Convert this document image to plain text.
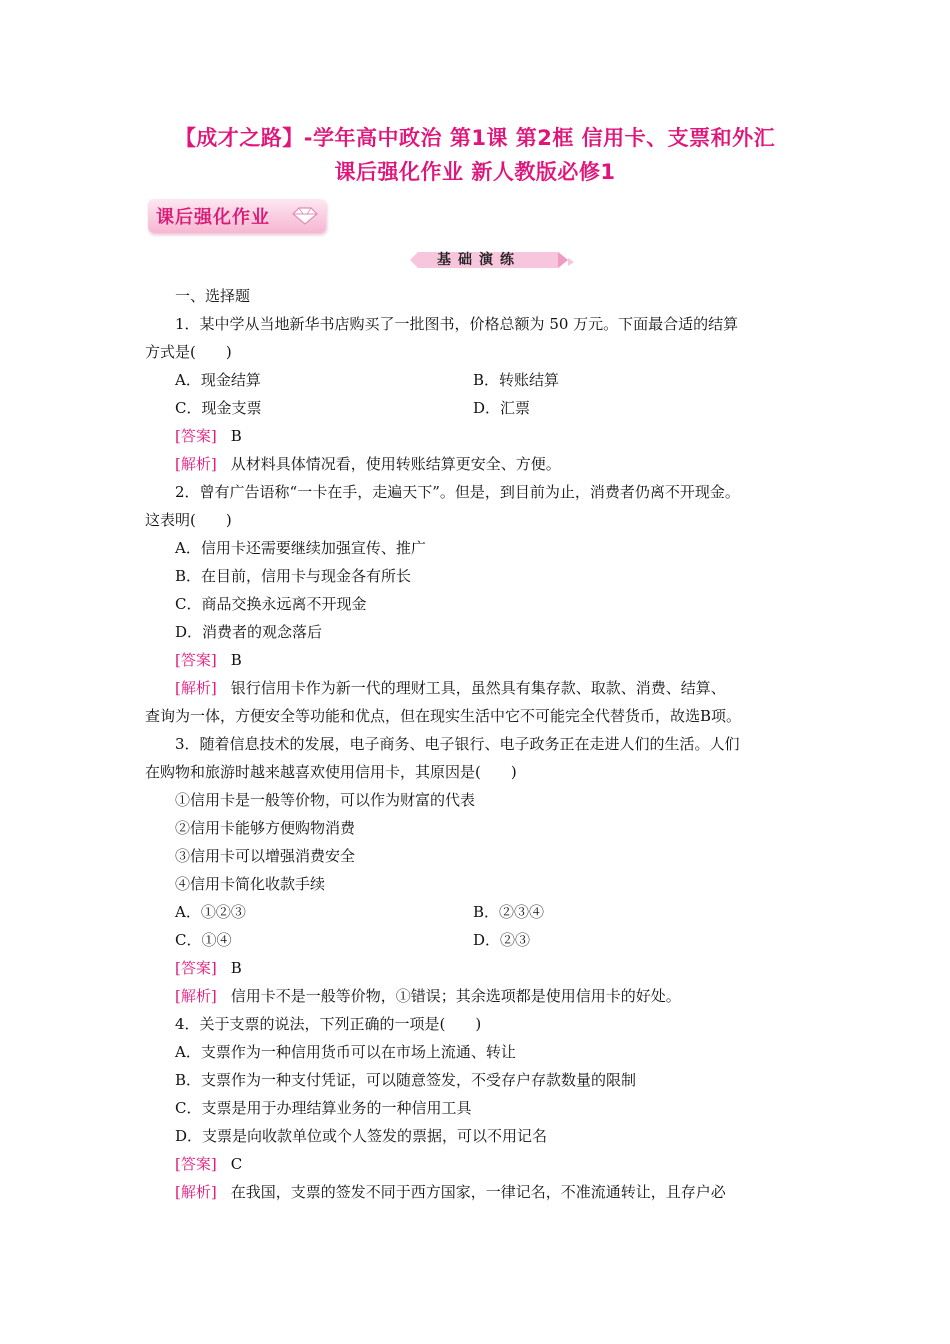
【成才之路】-学年高中政治 第1课 第2框 信用卡、支票和外汇
课后强化作业 新人教版必修1
课后强化作业
基础演练
一、选择题
1．某中学从当地新华书店购买了一批图书，价格总额为 50 万元。下面最合适的结算
方式是(　　)
A．现金结算	B．转账结算
C．现金支票	D．汇票
[答案] B
[解析] 从材料具体情况看，使用转账结算更安全、方便。
2．曾有广告语称“一卡在手，走遍天下”。但是，到目前为止，消费者仍离不开现金。
这表明(　　)
A．信用卡还需要继续加强宣传、推广
B．在目前，信用卡与现金各有所长
C．商品交换永远离不开现金
D．消费者的观念落后
[答案] B
[解析] 银行信用卡作为新一代的理财工具，虽然具有集存款、取款、消费、结算、
查询为一体，方便安全等功能和优点，但在现实生活中它不可能完全代替货币，故选B项。
3．随着信息技术的发展，电子商务、电子银行、电子政务正在走进人们的生活。人们
在购物和旅游时越来越喜欢使用信用卡，其原因是(　　)
①信用卡是一般等价物，可以作为财富的代表
②信用卡能够方便购物消费
③信用卡可以增强消费安全
④信用卡简化收款手续
A．①②③	B．②③④
C．①④	D．②③
[答案] B
[解析] 信用卡不是一般等价物，①错误；其余选项都是使用信用卡的好处。
4．关于支票的说法，下列正确的一项是(　　)
A．支票作为一种信用货币可以在市场上流通、转让
B．支票作为一种支付凭证，可以随意签发，不受存户存款数量的限制
C．支票是用于办理结算业务的一种信用工具
D．支票是向收款单位或个人签发的票据，可以不用记名
[答案] C
[解析] 在我国，支票的签发不同于西方国家，一律记名，不准流通转让，且存户必
